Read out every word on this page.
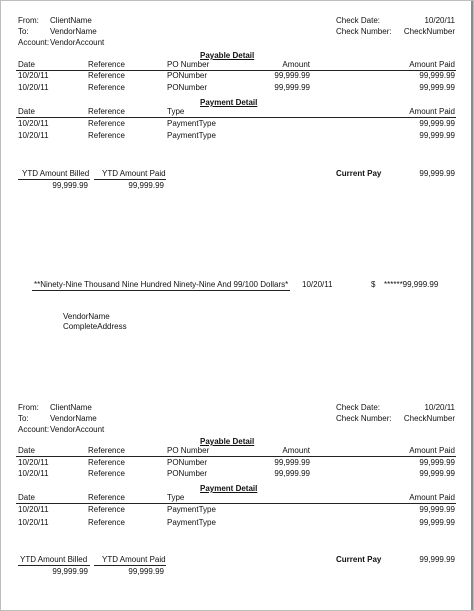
From: ClientName
To:	VendorName
Account: VendorAccount
Check Date:	10/20/11
Check Number:	CheckNumber
Payable Detail
Date	Reference	PO Number	Amount	Amount Paid
10/20/11	Reference	PONumber	99,999.99	99,999.99
10/20/11	Reference	PONumber	99,999.99	99,999.99
Payment Detail
Date	Reference	Type	Amount Paid
10/20/11	Reference	PaymentType	99,999.99
10/20/11	Reference	PaymentType	99,999.99
YTD Amount Billed
99,999.99
YTD Amount Paid
99,999.99
Current Pay	99,999.99
**Ninety-Nine Thousand Nine Hundred Ninety-Nine And 99/100 Dollars* 10/20/11	$ ******99,999.99
VendorName
CompleteAddress
From: ClientName
To:	VendorName
Account: VendorAccount
Check Date:	10/20/11
Check Number:	CheckNumber
Payable Detail
Date	Reference	PO Number	Amount	Amount Paid
10/20/11	Reference	PONumber	99,999.99	99,999.99
10/20/11	Reference	PONumber	99,999.99	99,999.99
Payment Detail
Date	Reference	Type	Amount Paid
10/20/11	Reference	PaymentType	99,999.99
10/20/11	Reference	PaymentType	99,999.99
YTD Amount Billed
99,999.99
YTD Amount Paid
99,999.99
Current Pay	99,999.99
